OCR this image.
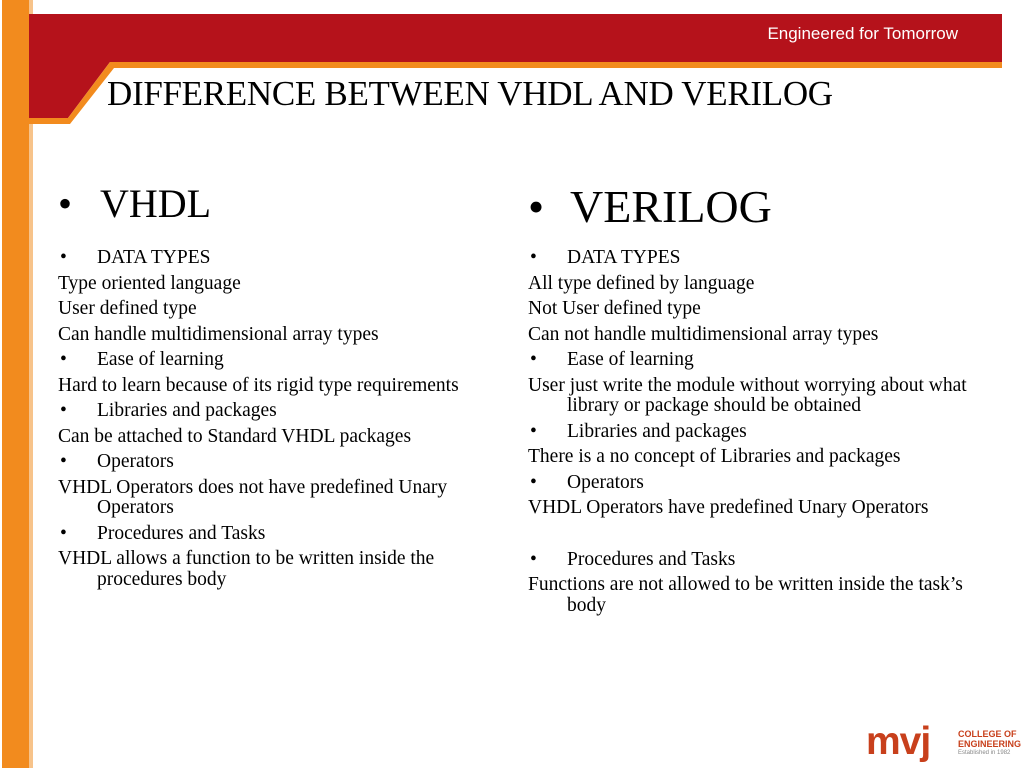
Engineered for Tomorrow
DIFFERENCE BETWEEN VHDL AND VERILOG
• VHDL
• DATA TYPES
Type oriented language
User defined type
Can handle multidimensional array types
• Ease of learning
Hard to learn because of its rigid type requirements
• Libraries and packages
Can be attached to Standard VHDL packages
• Operators
VHDL Operators does not have predefined Unary Operators
• Procedures and Tasks
VHDL allows a function to be written inside the procedures body
• VERILOG
• DATA TYPES
All type defined by language
Not User defined type
Can not handle multidimensional array types
• Ease of learning
User just write the module without worrying about what library or package should be obtained
• Libraries and packages
There is a no concept of Libraries and packages
• Operators
VHDL Operators have predefined Unary Operators
• Procedures and Tasks
Functions are not allowed to be written inside the task’s body
mvj	COLLEGE OF
ENGINEERING
Established in 1982
